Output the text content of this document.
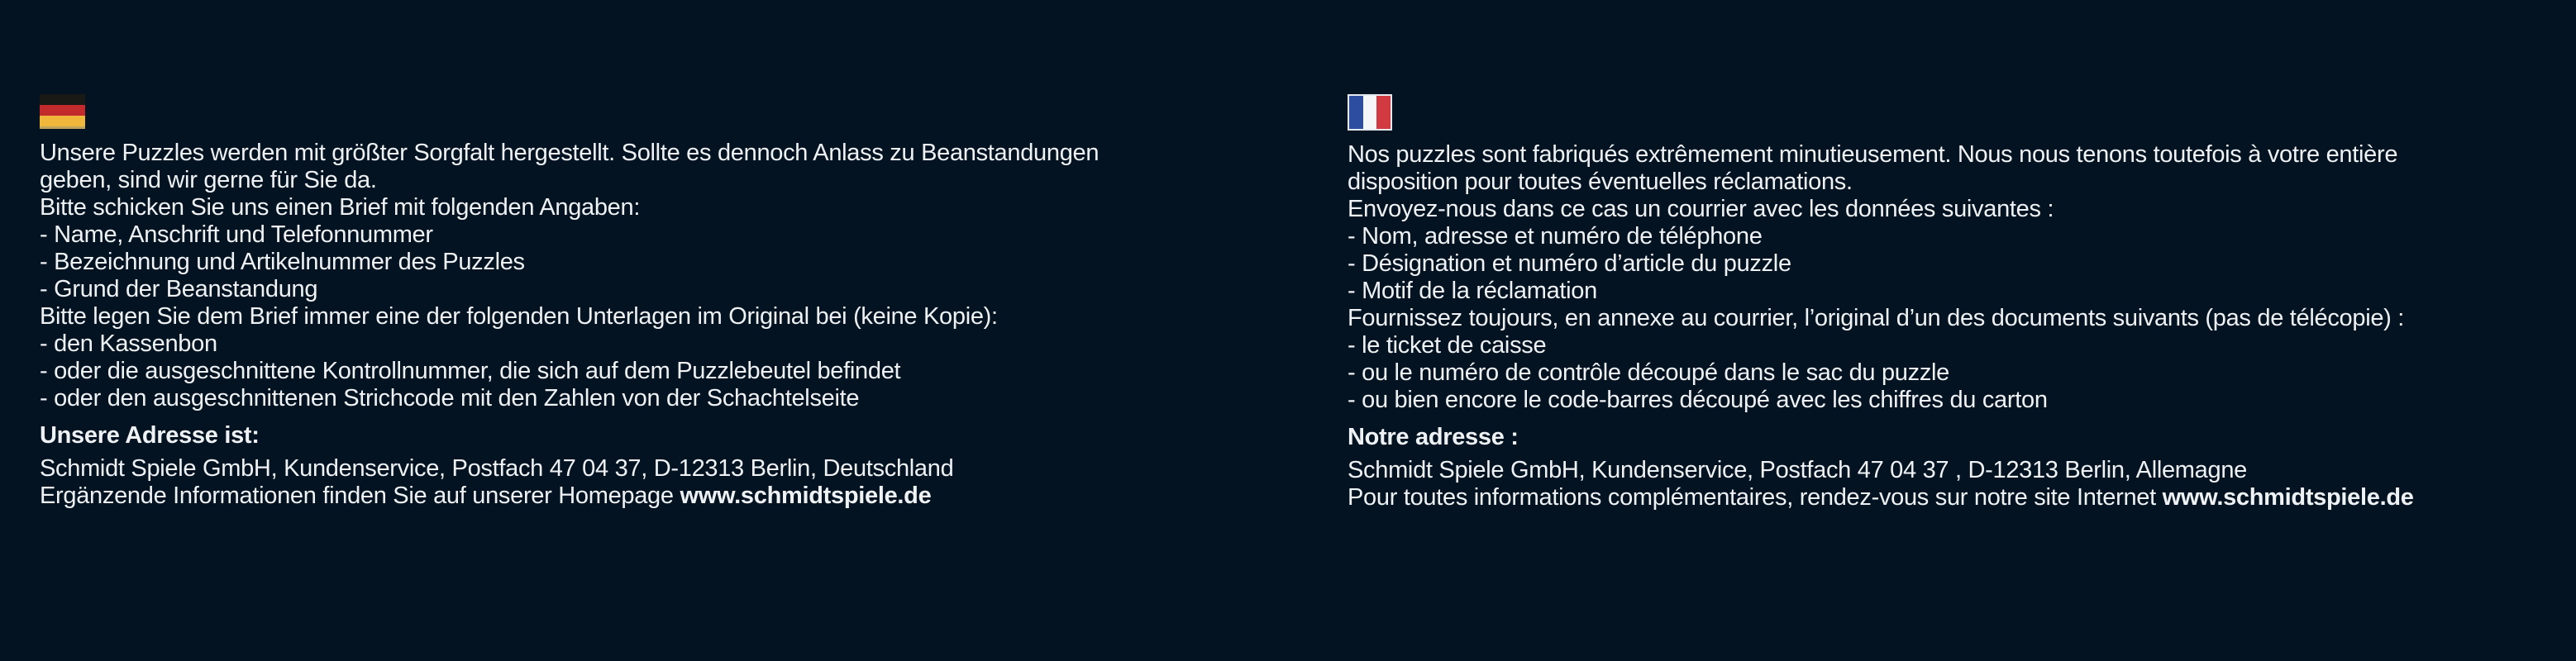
Unsere Puzzles werden mit größter Sorgfalt hergestellt. Sollte es dennoch Anlass zu Beanstandungen
geben, sind wir gerne für Sie da.
Bitte schicken Sie uns einen Brief mit folgenden Angaben:
- Name, Anschrift und Telefonnummer
- Bezeichnung und Artikelnummer des Puzzles
- Grund der Beanstandung
Bitte legen Sie dem Brief immer eine der folgenden Unterlagen im Original bei (keine Kopie):
- den Kassenbon
- oder die ausgeschnittene Kontrollnummer, die sich auf dem Puzzlebeutel befindet
- oder den ausgeschnittenen Strichcode mit den Zahlen von der Schachtelseite
Unsere Adresse ist:
Schmidt Spiele GmbH, Kundenservice, Postfach 47 04 37, D-12313 Berlin, Deutschland
Ergänzende Informationen finden Sie auf unserer Homepage www.schmidtspiele.de
Nos puzzles sont fabriqués extrêmement minutieusement. Nous nous tenons toutefois à votre entière
disposition pour toutes éventuelles réclamations.
Envoyez-nous dans ce cas un courrier avec les données suivantes :
- Nom, adresse et numéro de téléphone
- Désignation et numéro d’article du puzzle
- Motif de la réclamation
Fournissez toujours, en annexe au courrier, l’original d’un des documents suivants (pas de télécopie) :
- le ticket de caisse
- ou le numéro de contrôle découpé dans le sac du puzzle
- ou bien encore le code-barres découpé avec les chiffres du carton
Notre adresse :
Schmidt Spiele GmbH, Kundenservice, Postfach 47 04 37 , D-12313 Berlin, Allemagne
Pour toutes informations complémentaires, rendez-vous sur notre site Internet www.schmidtspiele.de
